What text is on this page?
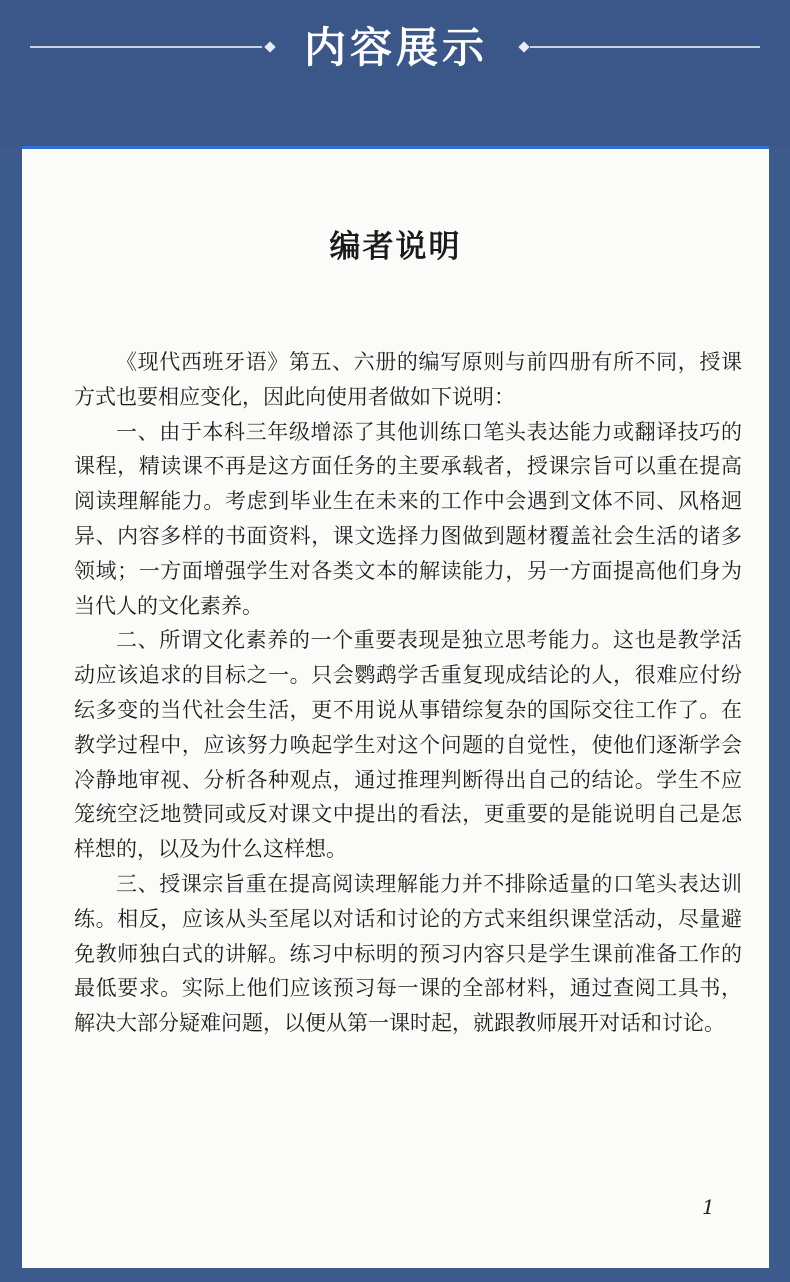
内容展示
编者说明

《现代西班牙语》第五、六册的编写原则与前四册有所不同，授课方式也要相应变化，因此向使用者做如下说明：

一、由于本科三年级增添了其他训练口笔头表达能力或翻译技巧的课程，精读课不再是这方面任务的主要承载者，授课宗旨可以重在提高阅读理解能力。考虑到毕业生在未来的工作中会遇到文体不同、风格迥异、内容多样的书面资料，课文选择力图做到题材覆盖社会生活的诸多领域；一方面增强学生对各类文本的解读能力，另一方面提高他们身为当代人的文化素养。

二、所谓文化素养的一个重要表现是独立思考能力。这也是教学活动应该追求的目标之一。只会鹦鹉学舌重复现成结论的人，很难应付纷纭多变的当代社会生活，更不用说从事错综复杂的国际交往工作了。在教学过程中，应该努力唤起学生对这个问题的自觉性，使他们逐渐学会冷静地审视、分析各种观点，通过推理判断得出自己的结论。学生不应笼统空泛地赞同或反对课文中提出的看法，更重要的是能说明自己是怎样想的，以及为什么这样想。

三、授课宗旨重在提高阅读理解能力并不排除适量的口笔头表达训练。相反，应该从头至尾以对话和讨论的方式来组织课堂活动，尽量避免教师独白式的讲解。练习中标明的预习内容只是学生课前准备工作的最低要求。实际上他们应该预习每一课的全部材料，通过查阅工具书，解决大部分疑难问题，以便从第一课时起，就跟教师展开对话和讨论。

1
